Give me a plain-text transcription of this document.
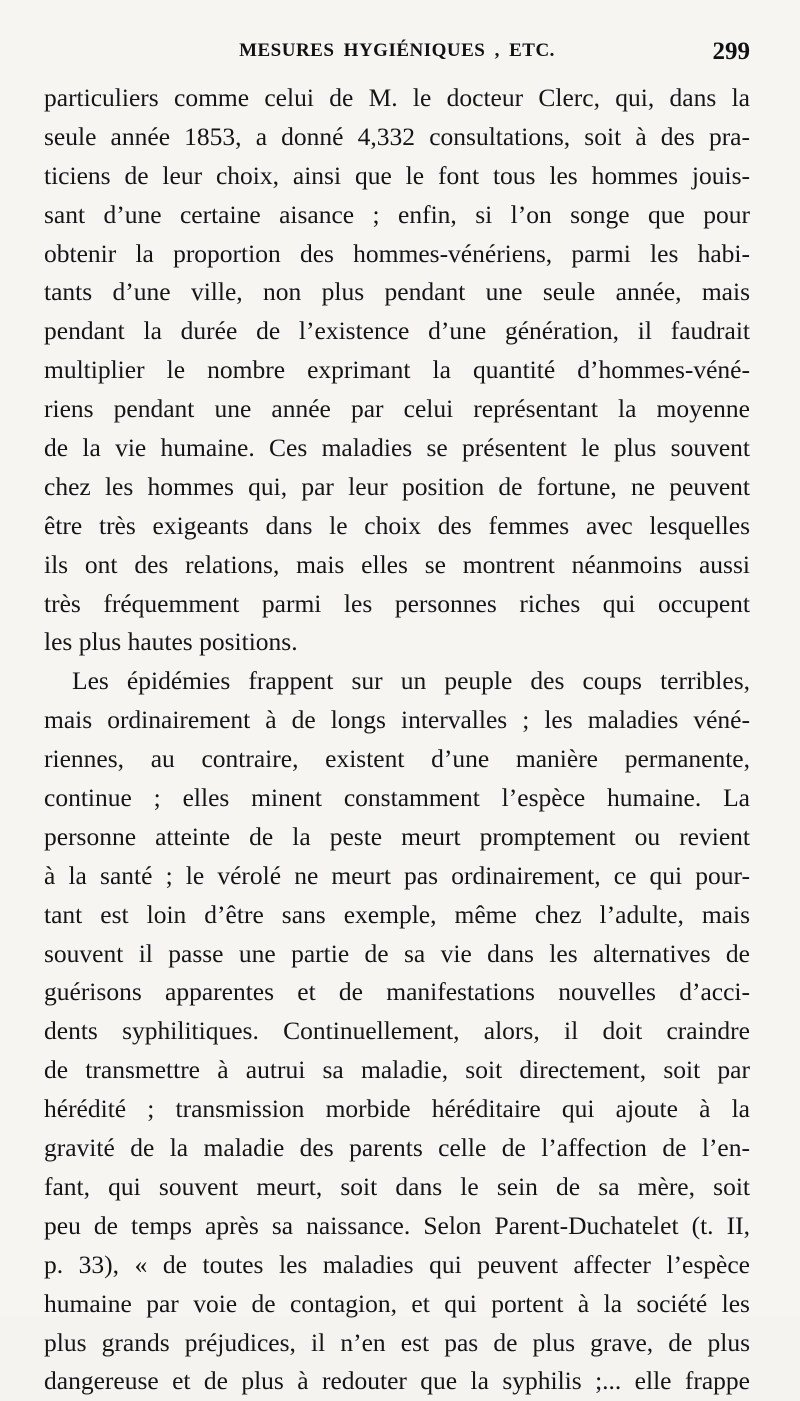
MESURES HYGIÉNIQUES , ETC.	299
particuliers comme celui de M. le docteur Clerc, qui, dans la
seule année 1853, a donné 4,332 consultations, soit à des pra-
ticiens de leur choix, ainsi que le font tous les hommes jouis-
sant d’une certaine aisance ; enfin, si l’on songe que pour
obtenir la proportion des hommes-vénériens, parmi les habi-
tants d’une ville, non plus pendant une seule année, mais
pendant la durée de l’existence d’une génération, il faudrait
multiplier le nombre exprimant la quantité d’hommes-véné-
riens pendant une année par celui représentant la moyenne
de la vie humaine. Ces maladies se présentent le plus souvent
chez les hommes qui, par leur position de fortune, ne peuvent
être très exigeants dans le choix des femmes avec lesquelles
ils ont des relations, mais elles se montrent néanmoins aussi
très fréquemment parmi les personnes riches qui occupent
les plus hautes positions.
Les épidémies frappent sur un peuple des coups terribles,
mais ordinairement à de longs intervalles ; les maladies véné-
riennes, au contraire, existent d’une manière permanente,
continue ; elles minent constamment l’espèce humaine. La
personne atteinte de la peste meurt promptement ou revient
à la santé ; le vérolé ne meurt pas ordinairement, ce qui pour-
tant est loin d’être sans exemple, même chez l’adulte, mais
souvent il passe une partie de sa vie dans les alternatives de
guérisons apparentes et de manifestations nouvelles d’acci-
dents syphilitiques. Continuellement, alors, il doit craindre
de transmettre à autrui sa maladie, soit directement, soit par
hérédité ; transmission morbide héréditaire qui ajoute à la
gravité de la maladie des parents celle de l’affection de l’en-
fant, qui souvent meurt, soit dans le sein de sa mère, soit
peu de temps après sa naissance. Selon Parent-Duchatelet (t. II,
p. 33), « de toutes les maladies qui peuvent affecter l’espèce
humaine par voie de contagion, et qui portent à la société les
plus grands préjudices, il n’en est pas de plus grave, de plus
dangereuse et de plus à redouter que la syphilis ;... elle frappe
